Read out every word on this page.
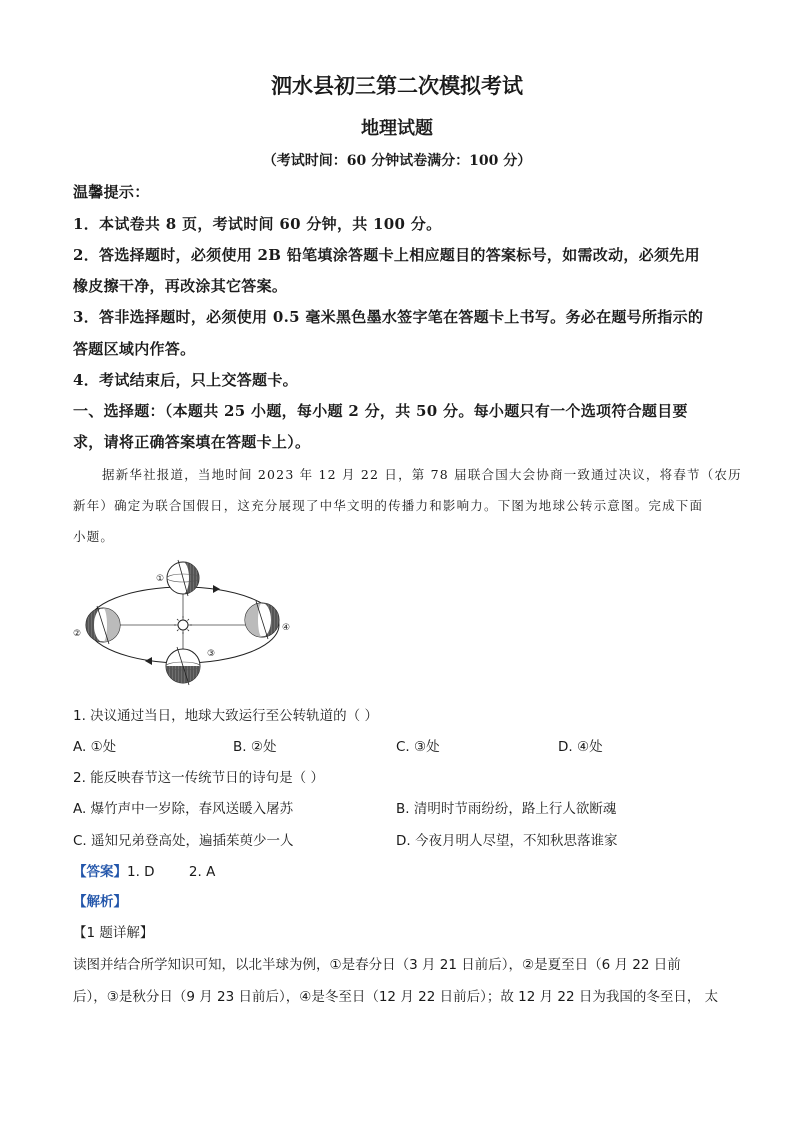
泗水县初三第二次模拟考试
地理试题
（考试时间：60 分钟试卷满分：100 分）
温馨提示：
1．本试卷共 8 页，考试时间 60 分钟，共 100 分。
2．答选择题时，必须使用 2B 铅笔填涂答题卡上相应题目的答案标号，如需改动，必须先用
橡皮擦干净，再改涂其它答案。
3．答非选择题时，必须使用 0.5 毫米黑色墨水签字笔在答题卡上书写。务必在题号所指示的
答题区域内作答。
4．考试结束后，只上交答题卡。
一、选择题：（本题共 25 小题，每小题 2 分，共 50 分。每小题只有一个选项符合题目要
求，请将正确答案填在答题卡上）。
据新华社报道，当地时间 2023 年 12 月 22 日，第 78 届联合国大会协商一致通过决议，将春节（农历
新年）确定为联合国假日，这充分展现了中华文明的传播力和影响力。下图为地球公转示意图。完成下面
小题。
①
②
③
④
1. 决议通过当日，地球大致运行至公转轨道的（ ）
A. ①处	B. ②处	C. ③处	D. ④处
2. 能反映春节这一传统节日的诗句是（ ）
A. 爆竹声中一岁除，春风送暖入屠苏	B. 清明时节雨纷纷，路上行人欲断魂
C. 遥知兄弟登高处，遍插茱萸少一人	D. 今夜月明人尽望，不知秋思落谁家
【答案】1. D        2. A
【解析】
【1 题详解】
读图并结合所学知识可知，以北半球为例，①是春分日（3 月 21 日前后），②是夏至日（6 月 22 日前
后），③是秋分日（9 月 23 日前后），④是冬至日（12 月 22 日前后）；故 12 月 22 日为我国的冬至日， 太
